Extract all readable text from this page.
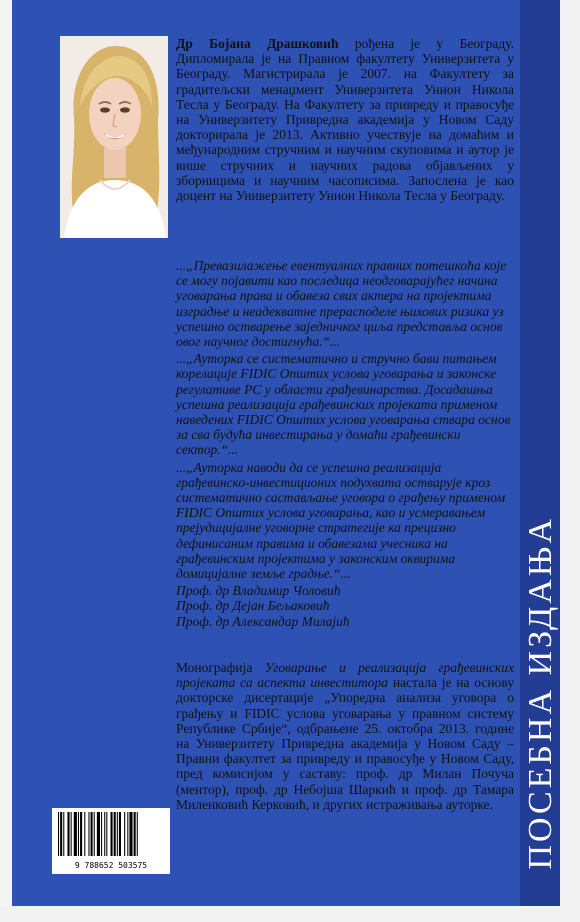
ПОСЕБНА ИЗДАЊА
Др Бојана Драшковић рођена је у Београду. Дипломирала је на Правном факултету Универзитета у Београду. Магистрирала је 2007. на Факултету за градитељски менаџмент Универзитета Унион Никола Тесла у Београду. На Факултету за привреду и правосуђе на Универзитету Привредна академија у Новом Саду докторирала је 2013. Активно учествује на домаћим и међународним стручним и научним скуповима и аутор је више стручних и научних радова објављених у зборницима и научним часописима. Запослена је као доцент на Универзитету Унион Никола Тесла у Београду.

...„Превазилажење евентуалних правних потешкоћа које се могу појавити као последица неодговарајућег начина уговарања права и обавеза свих актера на пројектима изградње и неадекватне прерасподеле њихових ризика уз успешно остварење заједничког циља представља основ овог научног достигнућа.“...

...„Ауторка се систематично и стручно бави питањем корелације FIDIC Општих услова уговарања и законске регулативе РС у области грађевинарства. Досадашња успешна реализација грађевинских пројеката применом наведених FIDIC Општих услова уговарања ствара основ за сва будућа инвестирања у домаћи грађевински сектор.“...

...„Ауторка наводи да се успешна реализација грађевинско-инвестиционих подухвата остварује кроз систематично састављање уговора о грађењу применом FIDIC Општих услова уговарања, као и усмеравањем прејудицијалне уговорне стратегије ка прецизно дефинисаним правима и обавезама учесника на грађевинским пројектима у законским оквирима домицијалне земље градње.“...

Проф. др Владимир Чоловић

Проф. др Дејан Бељаковић

Проф. др Александар Милајић

Монографија Уговарање и реализација грађевинских пројеката са аспекта инвеститора настала је на основу докторске дисертације „Упоредна анализа уговора о грађењу и FIDIC услова уговарања у правном систему Републике Србије“, одбрањене 25. октобра 2013. године на Универзитету Привредна академија у Новом Саду – Правни факултет за привреду и правосуђе у Новом Саду, пред комисијом у саставу: проф. др Милан Почуча (ментор), проф. др Небојша Шаркић и проф. др Тамара Миленковић Керковић, и других истраживања ауторке.
9 788652 503575
